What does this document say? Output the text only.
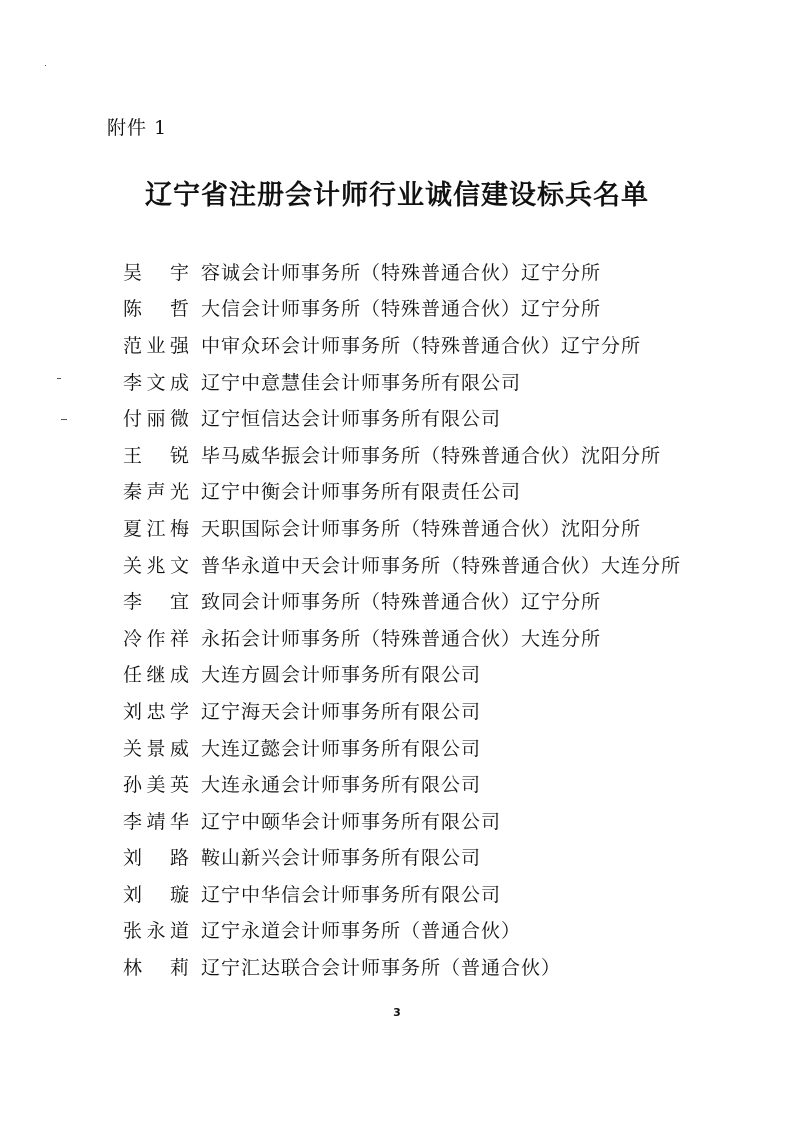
附件 1
辽宁省注册会计师行业诚信建设标兵名单
吴宇 容诚会计师事务所（特殊普通合伙）辽宁分所
陈哲 大信会计师事务所（特殊普通合伙）辽宁分所
范业强 中审众环会计师事务所（特殊普通合伙）辽宁分所
李文成 辽宁中意慧佳会计师事务所有限公司
付丽微 辽宁恒信达会计师事务所有限公司
王锐 毕马威华振会计师事务所（特殊普通合伙）沈阳分所
秦声光 辽宁中衡会计师事务所有限责任公司
夏江梅 天职国际会计师事务所（特殊普通合伙）沈阳分所
关兆文 普华永道中天会计师事务所（特殊普通合伙）大连分所
李宜 致同会计师事务所（特殊普通合伙）辽宁分所
冷作祥 永拓会计师事务所（特殊普通合伙）大连分所
任继成 大连方圆会计师事务所有限公司
刘忠学 辽宁海天会计师事务所有限公司
关景威 大连辽懿会计师事务所有限公司
孙美英 大连永通会计师事务所有限公司
李靖华 辽宁中颐华会计师事务所有限公司
刘路 鞍山新兴会计师事务所有限公司
刘璇 辽宁中华信会计师事务所有限公司
张永道 辽宁永道会计师事务所（普通合伙）
林莉 辽宁汇达联合会计师事务所（普通合伙）
3
